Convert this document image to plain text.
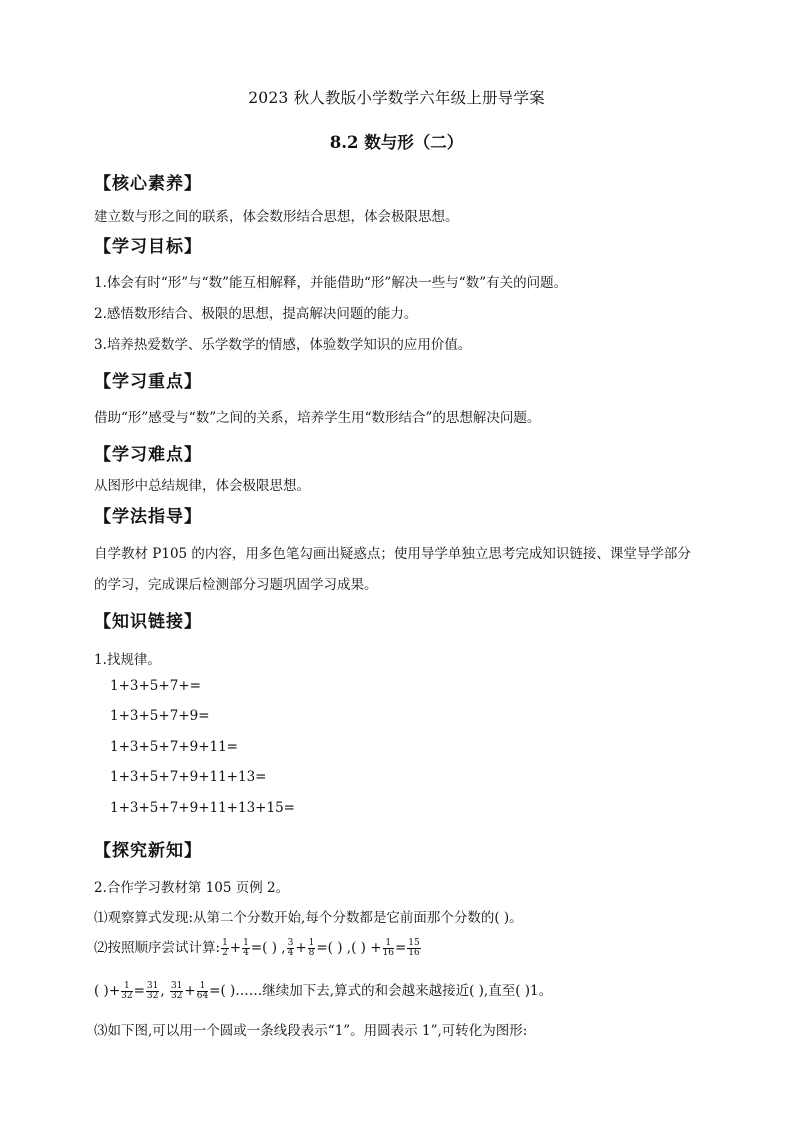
2023 秋人教版小学数学六年级上册导学案
8.2 数与形（二）
【核心素养】
建立数与形之间的联系，体会数形结合思想，体会极限思想。
【学习目标】
1.体会有时“形”与“数”能互相解释，并能借助“形”解决一些与“数”有关的问题。
2.感悟数形结合、极限的思想，提高解决问题的能力。
3.培养热爱数学、乐学数学的情感，体验数学知识的应用价值。
【学习重点】
借助“形”感受与“数”之间的关系，培养学生用“数形结合”的思想解决问题。
【学习难点】
从图形中总结规律，体会极限思想。
【学法指导】
自学教材 P105 的内容，用多色笔勾画出疑惑点；使用导学单独立思考完成知识链接、课堂导学部分
的学习，完成课后检测部分习题巩固学习成果。
【知识链接】
1.找规律。
1+3+5+7+=
1+3+5+7+9=
1+3+5+7+9+11=
1+3+5+7+9+11+13=
1+3+5+7+9+11+13+15=
【探究新知】
2.合作学习教材第 105 页例 2。
⑴观察算式发现:从第二个分数开始,每个分数都是它前面那个分数的( )。
⑵按照顺序尝试计算: $\frac{1}{2} + \frac{1}{4}$ =( ) , $\frac{3}{4} + \frac{1}{8}$ =( ) ,( ) + $\frac{1}{16} = \frac{15}{16}$
( )+ $\frac{1}{32} = \frac{31}{32}$ , $\frac{31}{32} + \frac{1}{64}$ =( )……继续加下去,算式的和会越来越接近( ),直至( )1。
⑶如下图,可以用一个圆或一条线段表示“1”。用圆表示 1”,可转化为图形:
